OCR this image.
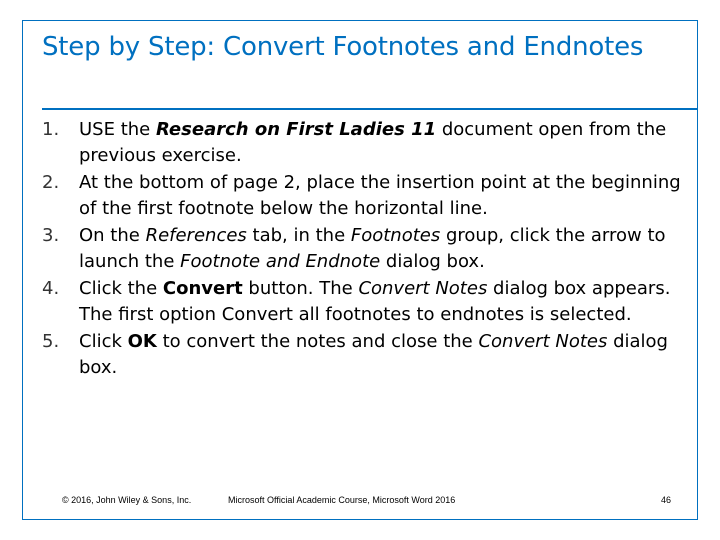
Step by Step: Convert Footnotes and Endnotes
1 .	USE the Research on First Ladies 11 document open from the previous exercise.
2 .	At the bottom of page 2, place the insertion point at the beginning of the first footnote below the horizontal line.
3 .	On the References tab, in the Footnotes group, click the arrow to launch the Footnote and Endnote dialog box.
4 .	Click the Convert button. The Convert Notes dialog box appears. The first option Convert all footnotes to endnotes is selected.
5 .	Click OK to convert the notes and close the Convert Notes dialog box.
© 2016, John Wiley & Sons, Inc.	Microsoft Official Academic Course, Microsoft Word 2016	46
